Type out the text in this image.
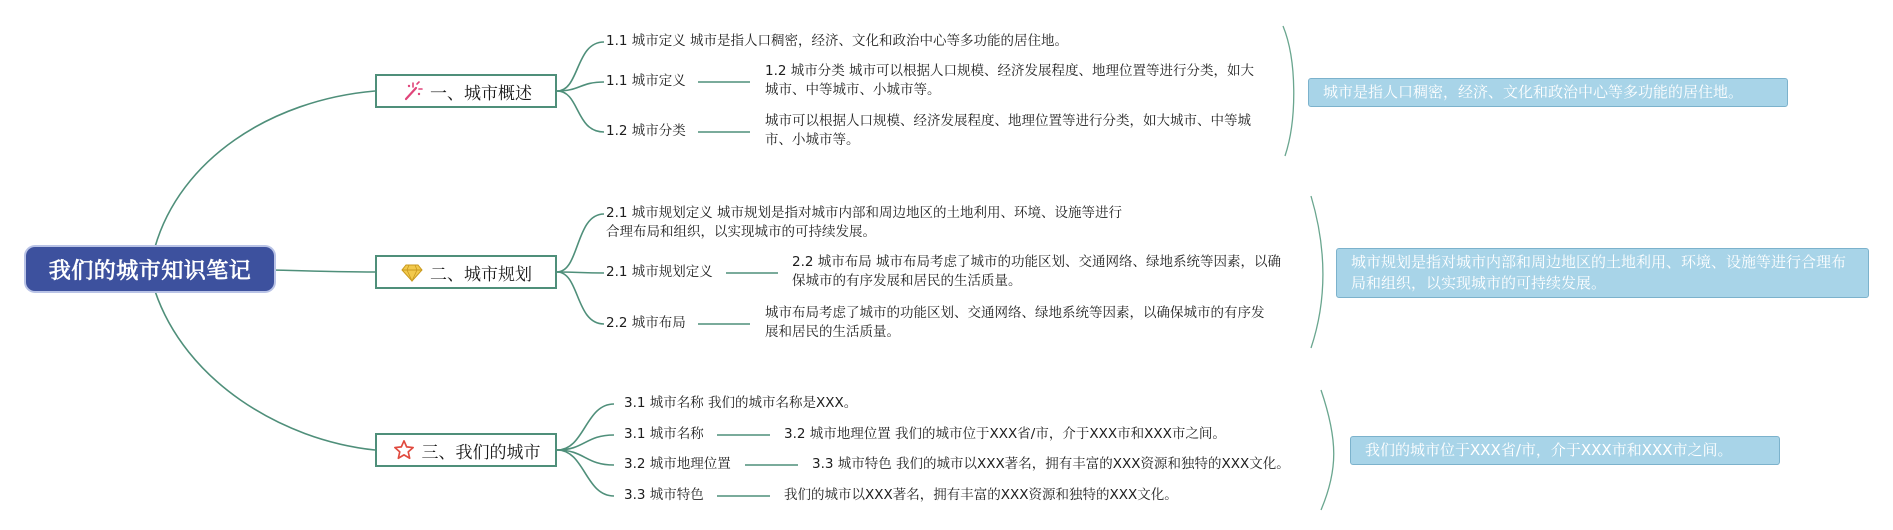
我们的城市知识笔记
一、城市概述
1.1 城市定义 城市是指人口稠密，经济、文化和政治中心等多功能的居住地。
1.1 城市定义
1.2 城市分类
1.2 城市分类 城市可以根据人口规模、经济发展程度、地理位置等进行分类，如大城市、中等城市、小城市等。
城市可以根据人口规模、经济发展程度、地理位置等进行分类，如大城市、中等城市、小城市等。
城市是指人口稠密，经济、文化和政治中心等多功能的居住地。
二、城市规划
2.1 城市规划定义 城市规划是指对城市内部和周边地区的土地利用、环境、设施等进行合理布局和组织，以实现城市的可持续发展。
2.1 城市规划定义
2.2 城市布局
2.2 城市布局 城市布局考虑了城市的功能区划、交通网络、绿地系统等因素，以确保城市的有序发展和居民的生活质量。
城市布局考虑了城市的功能区划、交通网络、绿地系统等因素，以确保城市的有序发展和居民的生活质量。
城市规划是指对城市内部和周边地区的土地利用、环境、设施等进行合理布局和组织，以实现城市的可持续发展。
三、我们的城市
3.1 城市名称 我们的城市名称是XXX。
3.1 城市名称
3.2 城市地理位置
3.3 城市特色
3.2 城市地理位置 我们的城市位于XXX省/市，介于XXX市和XXX市之间。
3.3 城市特色 我们的城市以XXX著名，拥有丰富的XXX资源和独特的XXX文化。
我们的城市以XXX著名，拥有丰富的XXX资源和独特的XXX文化。
我们的城市位于XXX省/市，介于XXX市和XXX市之间。
